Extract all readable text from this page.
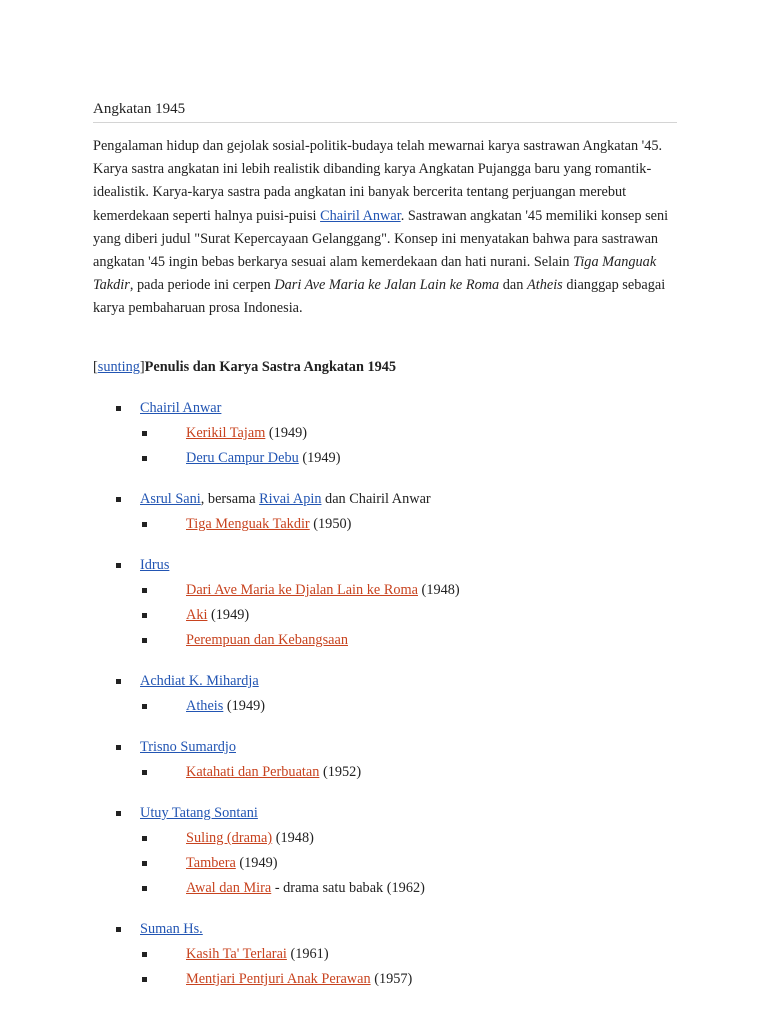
Angkatan 1945
Pengalaman hidup dan gejolak sosial-politik-budaya telah mewarnai karya sastrawan Angkatan '45. Karya sastra angkatan ini lebih realistik dibanding karya Angkatan Pujangga baru yang romantik-idealistik. Karya-karya sastra pada angkatan ini banyak bercerita tentang perjuangan merebut kemerdekaan seperti halnya puisi-puisi Chairil Anwar. Sastrawan angkatan '45 memiliki konsep seni yang diberi judul "Surat Kepercayaan Gelanggang". Konsep ini menyatakan bahwa para sastrawan angkatan '45 ingin bebas berkarya sesuai alam kemerdekaan dan hati nurani. Selain Tiga Manguak Takdir, pada periode ini cerpen Dari Ave Maria ke Jalan Lain ke Roma dan Atheis dianggap sebagai karya pembaharuan prosa Indonesia.
[sunting]Penulis dan Karya Sastra Angkatan 1945
Chairil Anwar
Kerikil Tajam (1949)
Deru Campur Debu (1949)
Asrul Sani, bersama Rivai Apin dan Chairil Anwar
Tiga Menguak Takdir (1950)
Idrus
Dari Ave Maria ke Djalan Lain ke Roma (1948)
Aki (1949)
Perempuan dan Kebangsaan
Achdiat K. Mihardja
Atheis (1949)
Trisno Sumardjo
Katahati dan Perbuatan (1952)
Utuy Tatang Sontani
Suling (drama) (1948)
Tambera (1949)
Awal dan Mira - drama satu babak (1962)
Suman Hs.
Kasih Ta' Terlarai (1961)
Mentjari Pentjuri Anak Perawan (1957)
